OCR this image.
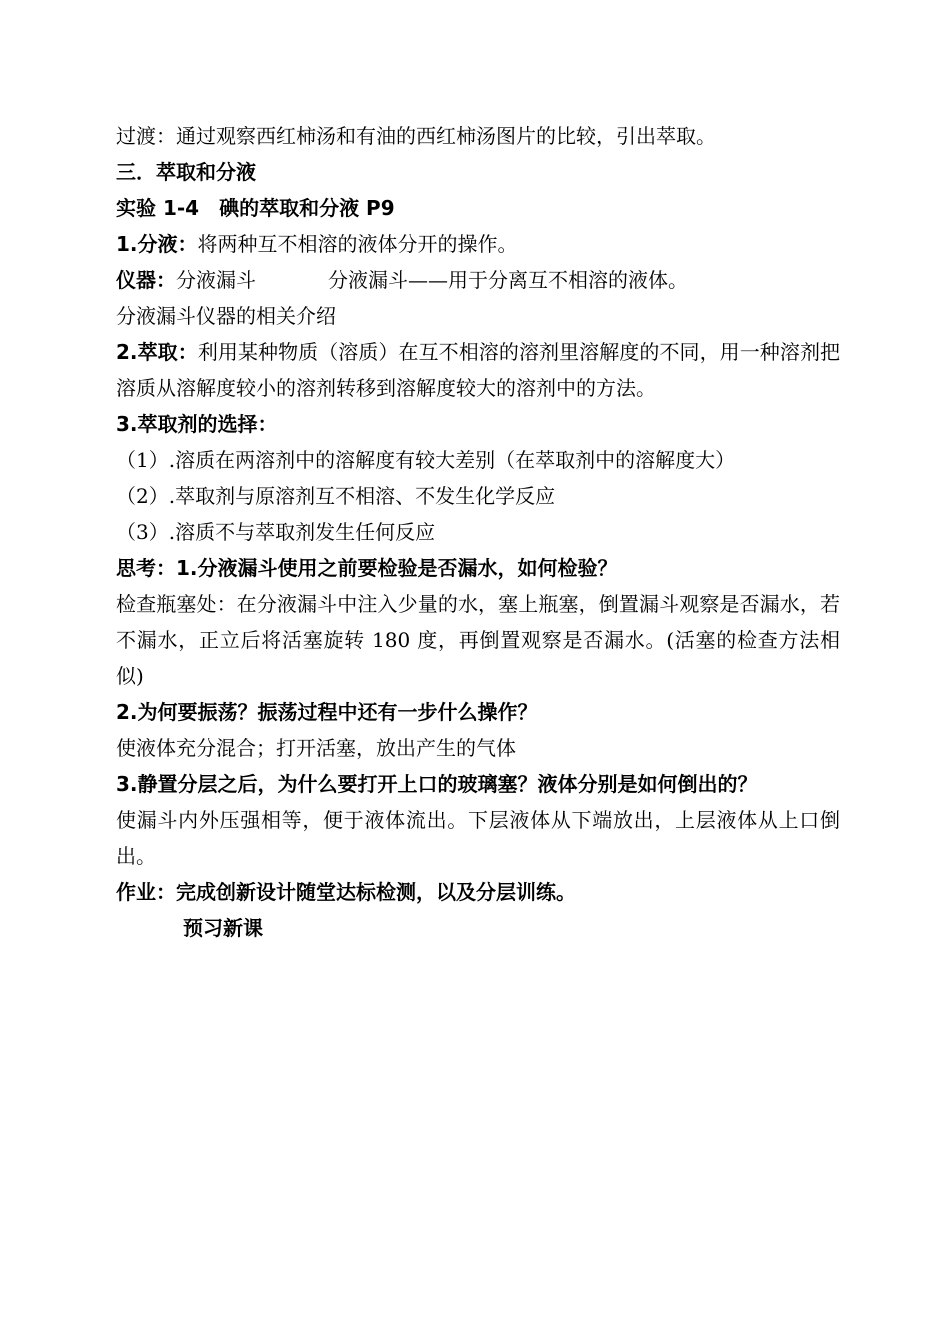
过渡：通过观察西红柿汤和有油的西红柿汤图片的比较，引出萃取。

三．萃取和分液

实验 1-4　碘的萃取和分液 P9

1.分液：将两种互不相溶的液体分开的操作。

仪器：分液漏斗	分液漏斗——用于分离互不相溶的液体。

分液漏斗仪器的相关介绍

2.萃取：利用某种物质（溶质）在互不相溶的溶剂里溶解度的不同，用一种溶剂把溶质从溶解度较小的溶剂转移到溶解度较大的溶剂中的方法。

3.萃取剂的选择：

（1）.溶质在两溶剂中的溶解度有较大差别（在萃取剂中的溶解度大）

（2）.萃取剂与原溶剂互不相溶、不发生化学反应

（3）.溶质不与萃取剂发生任何反应

思考：1.分液漏斗使用之前要检验是否漏水，如何检验？

检查瓶塞处：在分液漏斗中注入少量的水，塞上瓶塞，倒置漏斗观察是否漏水，若不漏水，正立后将活塞旋转 180 度，再倒置观察是否漏水。(活塞的检查方法相似)

2.为何要振荡？振荡过程中还有一步什么操作？

使液体充分混合；打开活塞，放出产生的气体

3.静置分层之后，为什么要打开上口的玻璃塞？液体分别是如何倒出的？

使漏斗内外压强相等，便于液体流出。下层液体从下端放出，上层液体从上口倒出。

作业：完成创新设计随堂达标检测，以及分层训练。

预习新课
